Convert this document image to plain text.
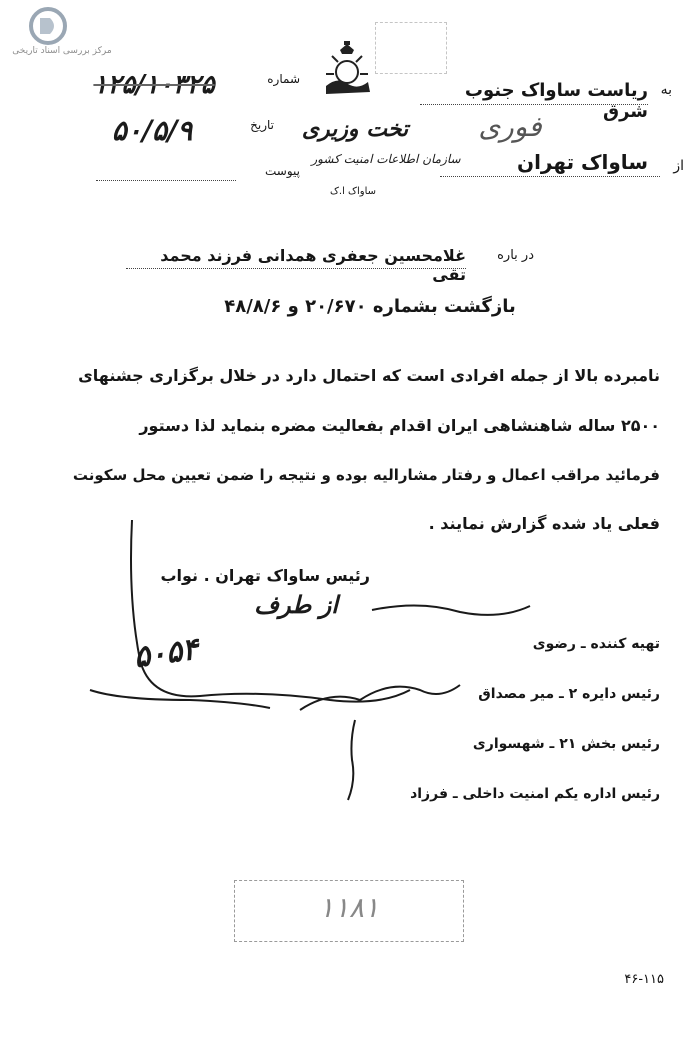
مرکز بررسی اسناد تاریخی
ساواک ا.ک
به
ریاست ساواک جنوب شرق
فوری
تخت وزیری
سازمان اطلاعات امنیت کشور	از
ساواک تهران
شماره
۱۲۵/۱۰۳۲۵
تاریخ
۵۰/۵/۹
پیوست
در باره
غلامحسین جعفری همدانی فرزند محمد تقی
بازگشت بشماره ۲۰/۶۷۰ و ۴۸/۸/۶
نامبرده بالا از جمله افرادی است که احتمال دارد در خلال برگزاری جشنهای
۲۵۰۰ ساله شاهنشاهی ایران اقدام بفعالیت مضره بنماید لذا دستور
فرمائید مراقب اعمال و رفتار مشارالیه بوده و نتیجه را ضمن تعیین محل سکونت
فعلی یاد شده گزارش نمایند .
رئیس ساواک تهران . نواب
از طرف
تهیه کننده ـ رضوی
رئیس دایره ۲ ـ میر مصداق
رئیس بخش ۲۱ ـ شهسواری
رئیس اداره یکم امنیت داخلی ـ فرزاد
۵۰۵۴
۱۱۸۱
۴۶-۱۱۵
